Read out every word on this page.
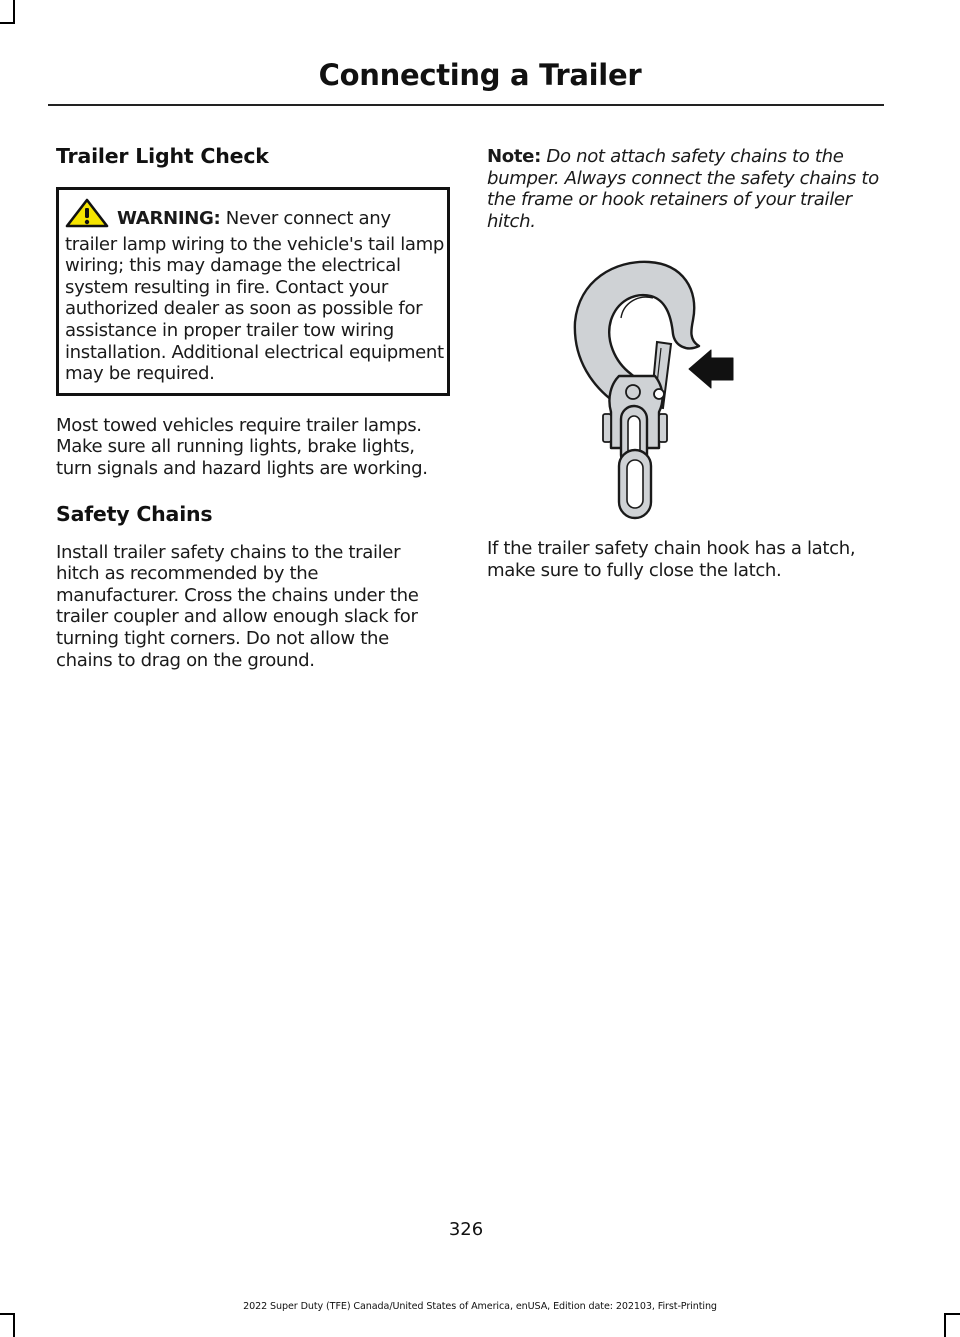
Connecting a Trailer
Trailer Light Check

WARNING: Never connect any trailer lamp wiring to the vehicle's tail lamp wiring; this may damage the electrical system resulting in fire. Contact your authorized dealer as soon as possible for assistance in proper trailer tow wiring installation. Additional electrical equipment may be required.

Most towed vehicles require trailer lamps. Make sure all running lights, brake lights, turn signals and hazard lights are working.

Safety Chains

Install trailer safety chains to the trailer hitch as recommended by the manufacturer. Cross the chains under the trailer coupler and allow enough slack for turning tight corners. Do not allow the chains to drag on the ground.

Note: Do not attach safety chains to the bumper. Always connect the safety chains to the frame or hook retainers of your trailer hitch.

If the trailer safety chain hook has a latch, make sure to fully close the latch.

326
2022 Super Duty (TFE) Canada/United States of America, enUSA, Edition date: 202103, First-Printing
